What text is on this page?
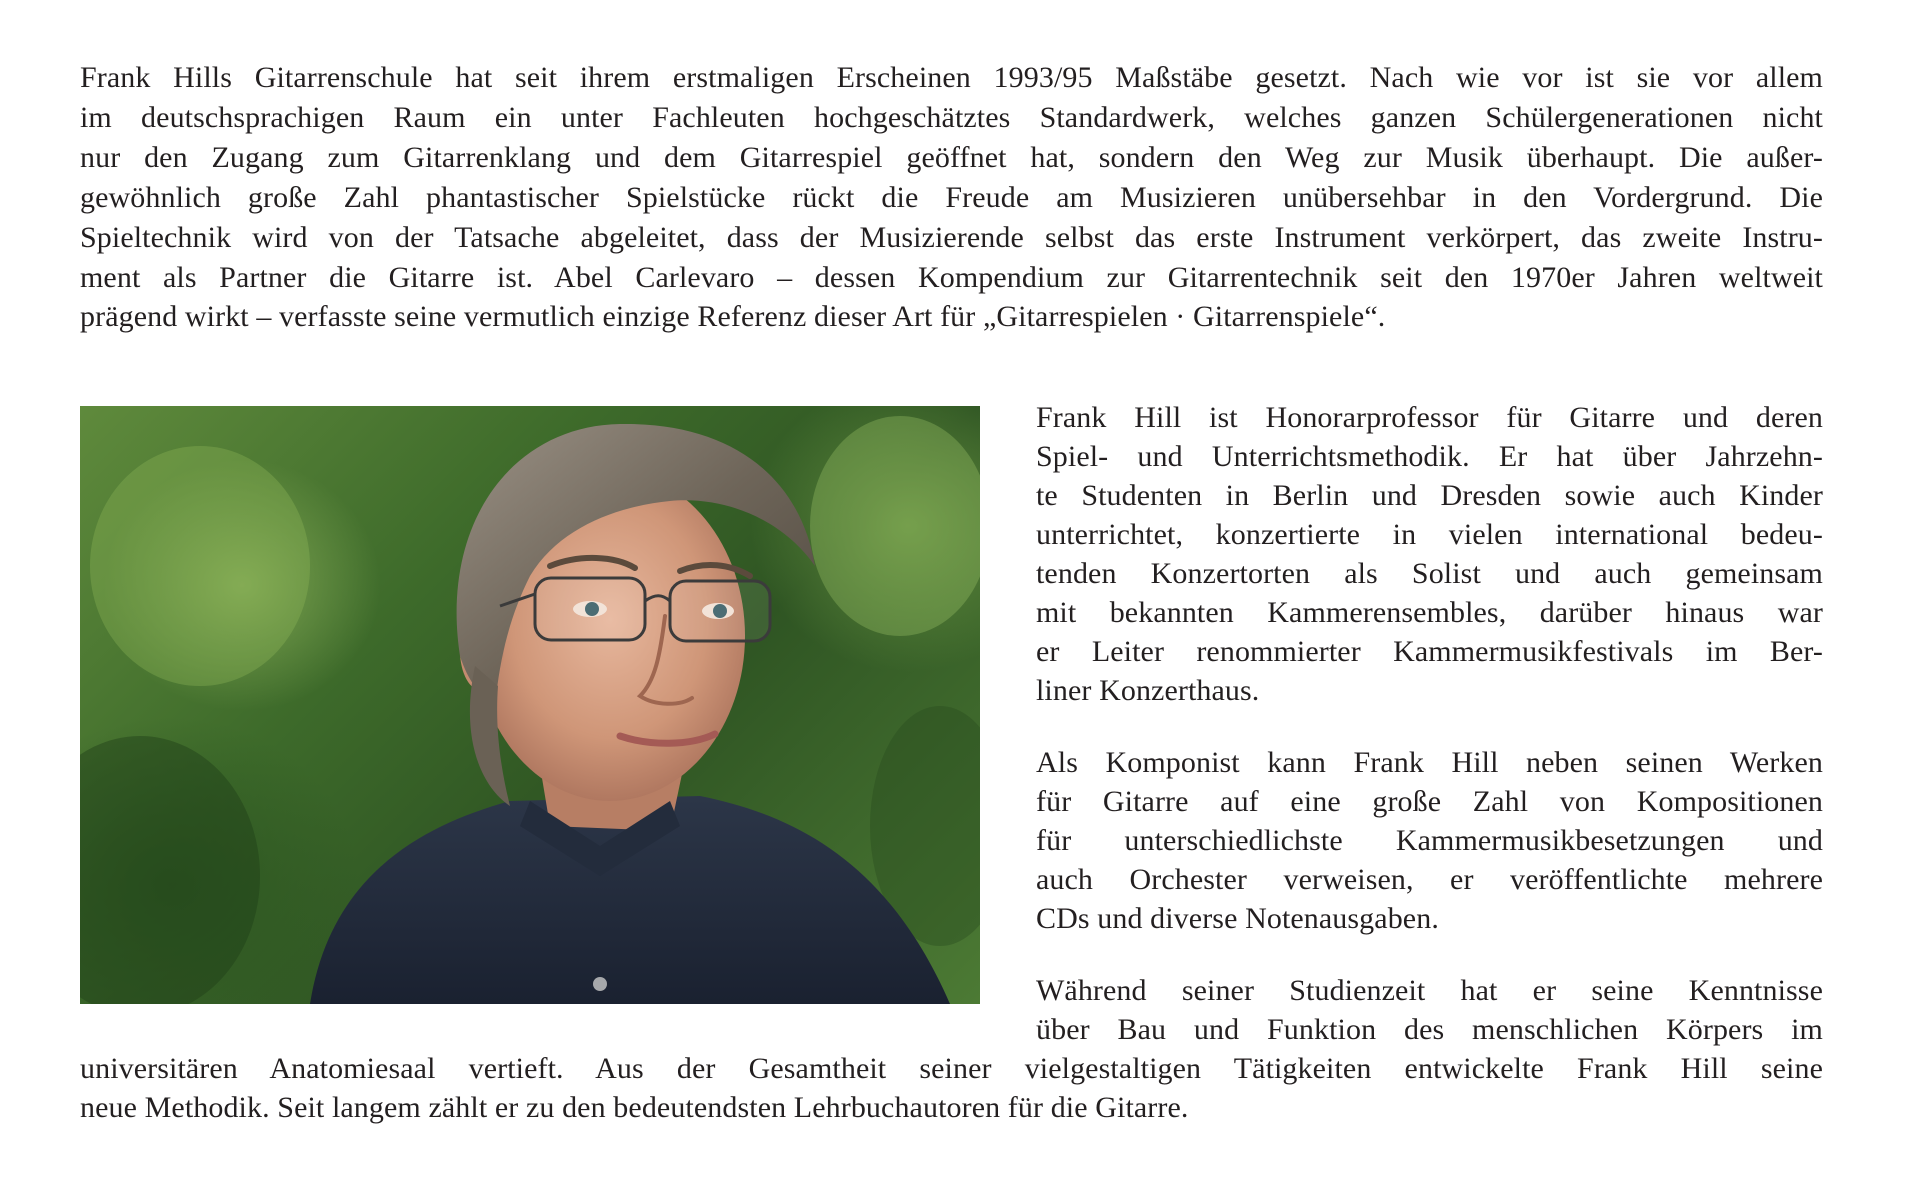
Frank Hills Gitarrenschule hat seit ihrem erstmaligen Erscheinen 1993/95 Maßstäbe gesetzt. Nach wie vor ist sie vor allem
im deutschsprachigen Raum ein unter Fachleuten hochgeschätztes Standardwerk, welches ganzen Schülergenerationen nicht
nur den Zugang zum Gitarrenklang und dem Gitarrespiel geöffnet hat, sondern den Weg zur Musik überhaupt. Die außer-
gewöhnlich große Zahl phantastischer Spielstücke rückt die Freude am Musizieren unübersehbar in den Vordergrund. Die
Spieltechnik wird von der Tatsache abgeleitet, dass der Musizierende selbst das erste Instrument verkörpert, das zweite Instru-
ment als Partner die Gitarre ist. Abel Carlevaro – dessen Kompendium zur Gitarrentechnik seit den 1970er Jahren weltweit
prägend wirkt – verfasste seine vermutlich einzige Referenz dieser Art für „Gitarrespielen · Gitarrenspiele“.
Frank Hill ist Honorarprofessor für Gitarre und deren
Spiel- und Unterrichtsmethodik. Er hat über Jahrzehn-
te Studenten in Berlin und Dresden sowie auch Kinder
unterrichtet, konzertierte in vielen international bedeu-
tenden Konzertorten als Solist und auch gemeinsam
mit bekannten Kammerensembles, darüber hinaus war
er Leiter renommierter Kammermusikfestivals im Ber-
liner Konzerthaus.
Als Komponist kann Frank Hill neben seinen Werken
für Gitarre auf eine große Zahl von Kompositionen
für unterschiedlichste Kammermusikbesetzungen und
auch Orchester verweisen, er veröffentlichte mehrere
CDs und diverse Notenausgaben.
Während seiner Studienzeit hat er seine Kenntnisse
über Bau und Funktion des menschlichen Körpers im
universitären Anatomiesaal vertieft. Aus der Gesamtheit seiner vielgestaltigen Tätigkeiten entwickelte Frank Hill seine
neue Methodik. Seit langem zählt er zu den bedeutendsten Lehrbuchautoren für die Gitarre.
